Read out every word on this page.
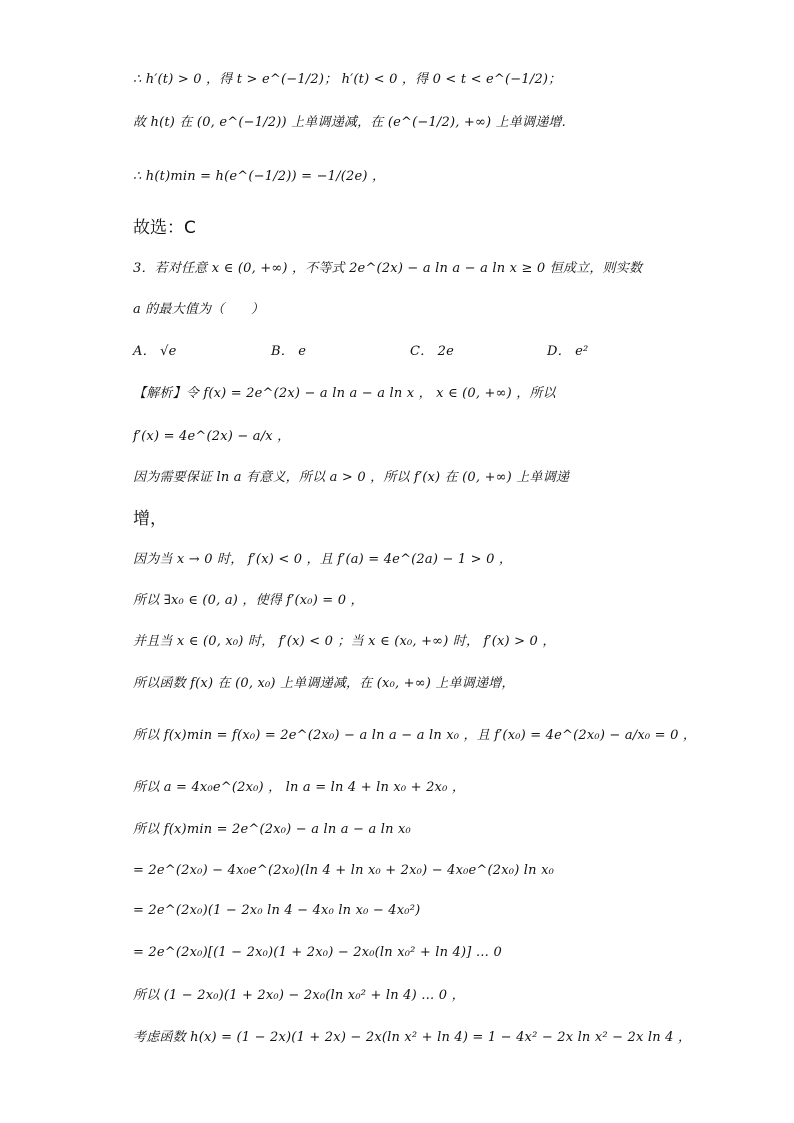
∴ h′(t) > 0 ，得 t > e^(−1/2)； h′(t) < 0 ，得 0 < t < e^(−1/2)；
故 h(t) 在 (0, e^(−1/2)) 上单调递减，在 (e^(−1/2), +∞) 上单调递增.
∴ h(t)min = h(e^(−1/2)) = −1/(2e) ，
故选：C
3．若对任意 x ∈ (0, +∞) ，不等式 2e^(2x) − a ln a − a ln x ≥ 0 恒成立，则实数
a 的最大值为（　　）
A． √e	B． e	C． 2e	D． e²
【解析】令 f(x) = 2e^(2x) − a ln a − a ln x ， x ∈ (0, +∞) ，所以
f′(x) = 4e^(2x) − a/x ，
因为需要保证 ln a 有意义，所以 a > 0 ，所以 f′(x) 在 (0, +∞) 上单调递
增，
因为当 x → 0 时， f′(x) < 0 ，且 f′(a) = 4e^(2a) − 1 > 0 ，
所以 ∃x₀ ∈ (0, a) ，使得 f′(x₀) = 0 ，
并且当 x ∈ (0, x₀) 时， f′(x) < 0 ；当 x ∈ (x₀, +∞) 时， f′(x) > 0 ，
所以函数 f(x) 在 (0, x₀) 上单调递减，在 (x₀, +∞) 上单调递增，
所以 f(x)min = f(x₀) = 2e^(2x₀) − a ln a − a ln x₀ ，且 f′(x₀) = 4e^(2x₀) − a/x₀ = 0 ，
所以 a = 4x₀e^(2x₀) ， ln a = ln 4 + ln x₀ + 2x₀ ，
所以 f(x)min = 2e^(2x₀) − a ln a − a ln x₀
= 2e^(2x₀) − 4x₀e^(2x₀)(ln 4 + ln x₀ + 2x₀) − 4x₀e^(2x₀) ln x₀
= 2e^(2x₀)(1 − 2x₀ ln 4 − 4x₀ ln x₀ − 4x₀²)
= 2e^(2x₀)[(1 − 2x₀)(1 + 2x₀) − 2x₀(ln x₀² + ln 4)] … 0
所以 (1 − 2x₀)(1 + 2x₀) − 2x₀(ln x₀² + ln 4) … 0 ，
考虑函数 h(x) = (1 − 2x)(1 + 2x) − 2x(ln x² + ln 4) = 1 − 4x² − 2x ln x² − 2x ln 4 ，
